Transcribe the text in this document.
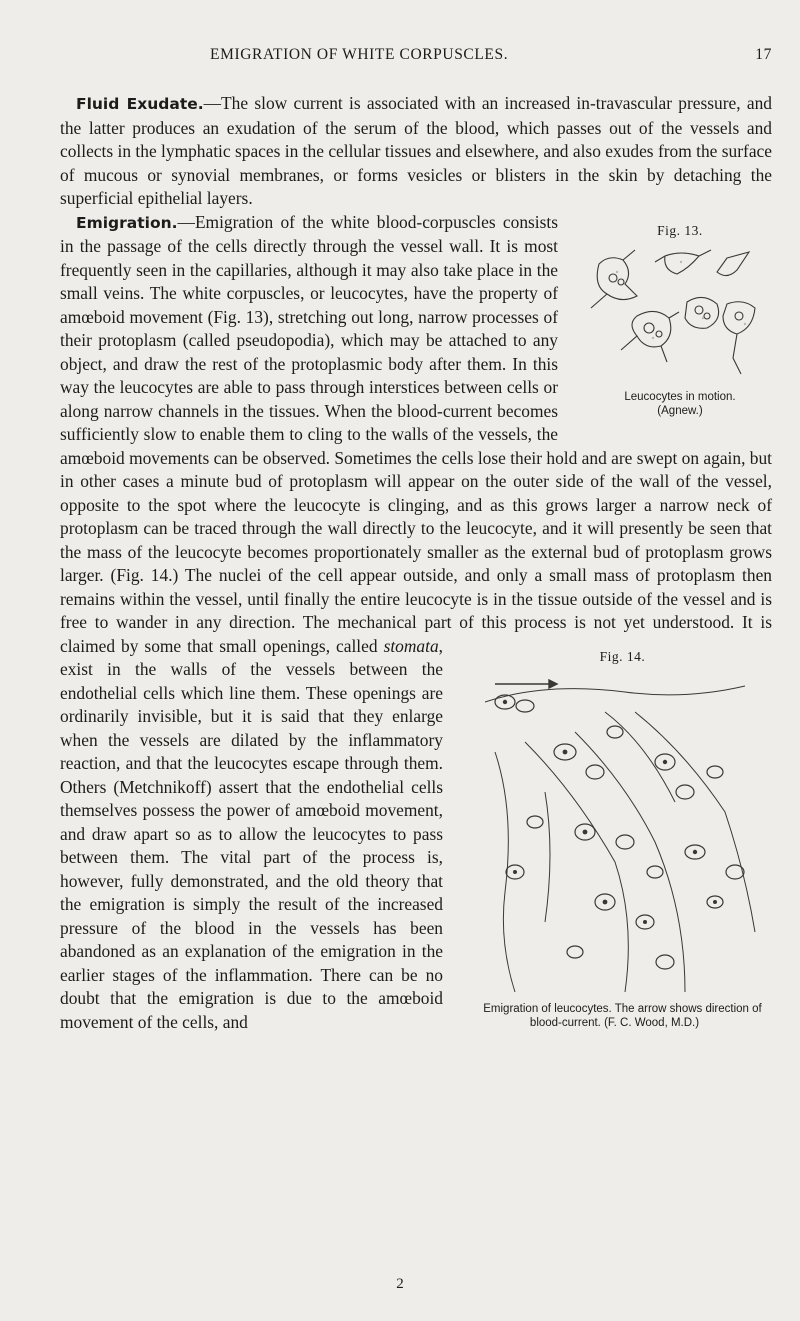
EMIGRATION OF WHITE CORPUSCLES.	17

Fluid Exudate.—The slow current is associated with an increased in-travascular pressure, and the latter produces an exudation of the serum of the blood, which passes out of the vessels and collects in the lymphatic spaces in the cellular tissues and elsewhere, and also exudes from the surface of mucous or synovial membranes, or forms vesicles or blisters in the skin by detaching the superficial epithelial layers.

Fig. 13.
Leucocytes in motion.
(Agnew.)
Emigration.—Emigration of the white blood-corpuscles consists in the passage of the cells directly through the vessel wall. It is most frequently seen in the capillaries, although it may also take place in the small veins. The white corpuscles, or leucocytes, have the property of amœboid movement (Fig. 13), stretching out long, narrow processes of their protoplasm (called pseudopodia), which may be attached to any object, and draw the rest of the protoplasmic body after them. In this way the leucocytes are able to pass through interstices between cells or along narrow channels in the tissues. When the blood-current becomes sufficiently slow to enable them to cling to the walls of the vessels, the amœboid movements can be observed. Sometimes the cells lose their hold and are swept on again, but in other cases a minute bud of protoplasm will appear on the outer side of the wall of the vessel, opposite to the spot where the leucocyte is clinging, and as this grows larger a narrow neck of protoplasm can be traced through the wall directly to the leucocyte, and it will presently be seen that the mass of the leucocyte becomes proportionately smaller as the external bud of protoplasm grows larger. (Fig. 14.) The nuclei of the cell appear outside, and only a small mass of protoplasm then remains within the vessel, until finally the entire leucocyte is in the tissue outside of the vessel and is free to wander in any direction. The mechanical part of this process is not yet understood. It is claimed by some that small openings, called
Fig. 14.
Emigration of leucocytes. The arrow shows direction of blood-current. (F. C. Wood, M.D.)
stomata, exist in the walls of the vessels between the endothelial cells which line them. These openings are ordinarily invisible, but it is said that they enlarge when the vessels are dilated by the inflammatory reaction, and that the leucocytes escape through them. Others (Metchnikoff) assert that the endothelial cells themselves possess the power of amœboid movement, and draw apart so as to allow the leucocytes to pass between them. The vital part of the process is, however, fully demonstrated, and the old theory that the emigration is simply the result of the increased pressure of the blood in the vessels has been abandoned as an explanation of the emigration in the earlier stages of the inflammation. There can be no doubt that the emigration is due to the amœboid movement of the cells, and

2
